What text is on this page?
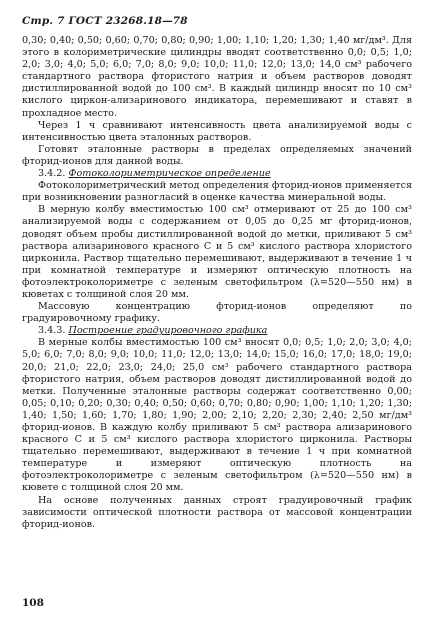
Стр. 7 ГОСТ 23268.18—78

0,30; 0,40; 0,50; 0,60; 0,70; 0,80; 0,90; 1,00; 1,10; 1,20; 1,30; 1,40 мг/дм³. Для этого в колориметрические цилиндры вводят соответственно 0,0; 0,5; 1,0; 2,0; 3,0; 4,0; 5,0; 6,0; 7,0; 8,0; 9,0; 10,0; 11,0; 12,0; 13,0; 14,0 см³ рабочего стандартного раствора фтористого натрия и объем растворов доводят дистиллированной водой до 100 см³. В каждый цилиндр вносят по 10 см³ кислого циркон-ализаринового индикатора, перемешивают и ставят в прохладное место.

Через 1 ч сравнивают интенсивность цвета анализируемой воды с интенсивностью цвета эталонных растворов.

Готовят эталонные растворы в пределах определяемых значений фторид-ионов для данной воды.

3.4.2. Фотоколориметрическое определение

Фотоколориметрический метод определения фторид-ионов применяется при возникновении разногласий в оценке качества минеральной воды.

В мерную колбу вместимостью 100 см³ отмеривают от 25 до 100 см³ анализируемой воды с содержанием от 0,05 до 0,25 мг фторид-ионов, доводят объем пробы дистиллированной водой до метки, приливают 5 см³ раствора ализаринового красного С и 5 см³ кислого раствора хлористого цирконила. Раствор тщательно перемешивают, выдерживают в течение 1 ч при комнатной температуре и измеряют оптическую плотность на фотоэлектроколориметре с зеленым светофильтром (λ=520—550 нм) в кюветах с толщиной слоя 20 мм.

Массовую концентрацию фторид-ионов определяют по градуировочному графику.

3.4.3. Построение градуировочного графика

В мерные колбы вместимостью 100 см³ вносят 0,0; 0,5; 1,0; 2,0; 3,0; 4,0; 5,0; 6,0; 7,0; 8,0; 9,0; 10,0; 11,0; 12,0; 13,0; 14,0; 15,0; 16,0; 17,0; 18,0; 19,0; 20,0; 21,0; 22,0; 23,0; 24,0; 25,0 см³ рабочего стандартного раствора фтористого натрия, объем растворов доводят дистиллированной водой до метки. Полученные эталонные растворы содержат соответственно 0,00; 0,05; 0,10; 0,20; 0,30; 0,40; 0,50; 0,60; 0,70; 0,80; 0,90; 1,00; 1,10; 1,20; 1,30; 1,40; 1,50; 1,60; 1,70; 1,80; 1,90; 2,00; 2,10; 2,20; 2,30; 2,40; 2,50 мг/дм³ фторид-ионов. В каждую колбу приливают 5 см³ раствора ализаринового красного С и 5 см³ кислого раствора хлористого цирконила. Растворы тщательно перемешивают, выдерживают в течение 1 ч при комнатной температуре и измеряют оптическую плотность на фотоэлектроколориметре с зеленым светофильтром (λ=520—550 нм) в кювете с толщиной слоя 20 мм.

На основе полученных данных строят градуировочный график зависимости оптической плотности раствора от массовой концентрации фторид-ионов.

108
